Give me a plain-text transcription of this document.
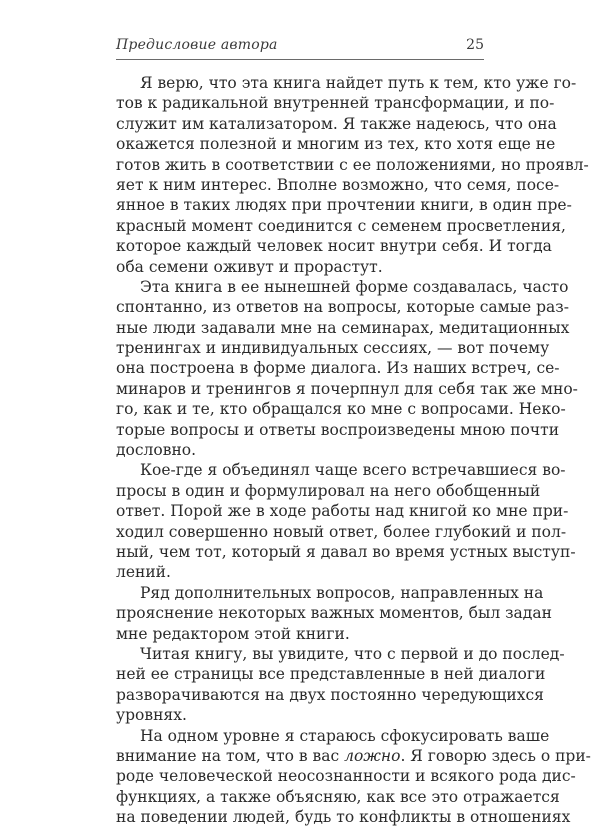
Предисловие автора	25
Я верю, что эта книга найдет путь к тем, кто уже го-
тов к радикальной внутренней трансформации, и по-
служит им катализатором. Я также надеюсь, что она
окажется полезной и многим из тех, кто хотя еще не
готов жить в соответствии с ее положениями, но проявл-
яет к ним интерес. Вполне возможно, что семя, посе-
янное в таких людях при прочтении книги, в один пре-
красный момент соединится с семенем просветления,
которое каждый человек носит внутри себя. И тогда
оба семени оживут и прорастут.
Эта книга в ее нынешней форме создавалась, часто
спонтанно, из ответов на вопросы, которые самые раз-
ные люди задавали мне на семинарах, медитационных
тренингах и индивидуальных сессиях, — вот почему
она построена в форме диалога. Из наших встреч, се-
минаров и тренингов я почерпнул для себя так же мно-
го, как и те, кто обращался ко мне с вопросами. Неко-
торые вопросы и ответы воспроизведены мною почти
дословно.
Кое-где я объединял чаще всего встречавшиеся во-
просы в один и формулировал на него обобщенный
ответ. Порой же в ходе работы над книгой ко мне при-
ходил совершенно новый ответ, более глубокий и пол-
ный, чем тот, который я давал во время устных выступ-
лений.
Ряд дополнительных вопросов, направленных на
прояснение некоторых важных моментов, был задан
мне редактором этой книги.
Читая книгу, вы увидите, что с первой и до послед-
ней ее страницы все представленные в ней диалоги
разворачиваются на двух постоянно чередующихся
уровнях.
На одном уровне я стараюсь сфокусировать ваше
внимание на том, что в вас ложно. Я говорю здесь о при-
роде человеческой неосознанности и всякого рода дис-
функциях, а также объясняю, как все это отражается
на поведении людей, будь то конфликты в отношениях
